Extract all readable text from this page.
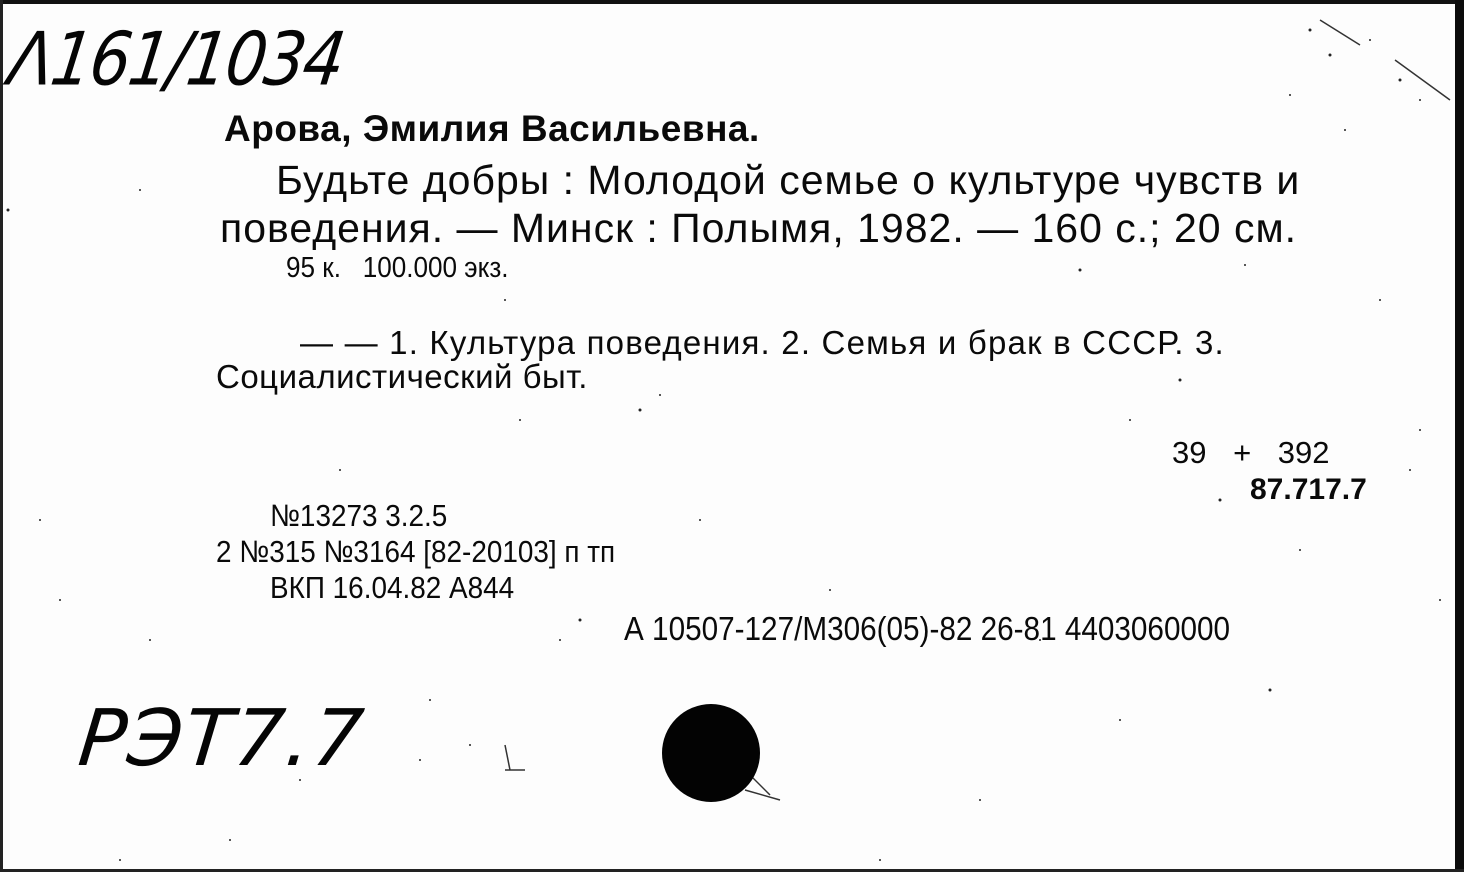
Λ161/1034
Арова, Эмилия Васильевна.
Будьте добры : Молодой семье о культуре чувств и
поведения. — Минск : Полымя, 1982. — 160 с.; 20 см.
95 к.   100.000 экз.
— — 1. Культура поведения. 2. Семья и брак в СССР. 3.
Социалистический быт.
39 + 392
87.717.7
№13273 3.2.5
2 №315 №3164 [82-20103] п тп
ВКП 16.04.82 А844
А 10507-127/М306(05)-82 26-81 4403060000
РЭТ7.7
